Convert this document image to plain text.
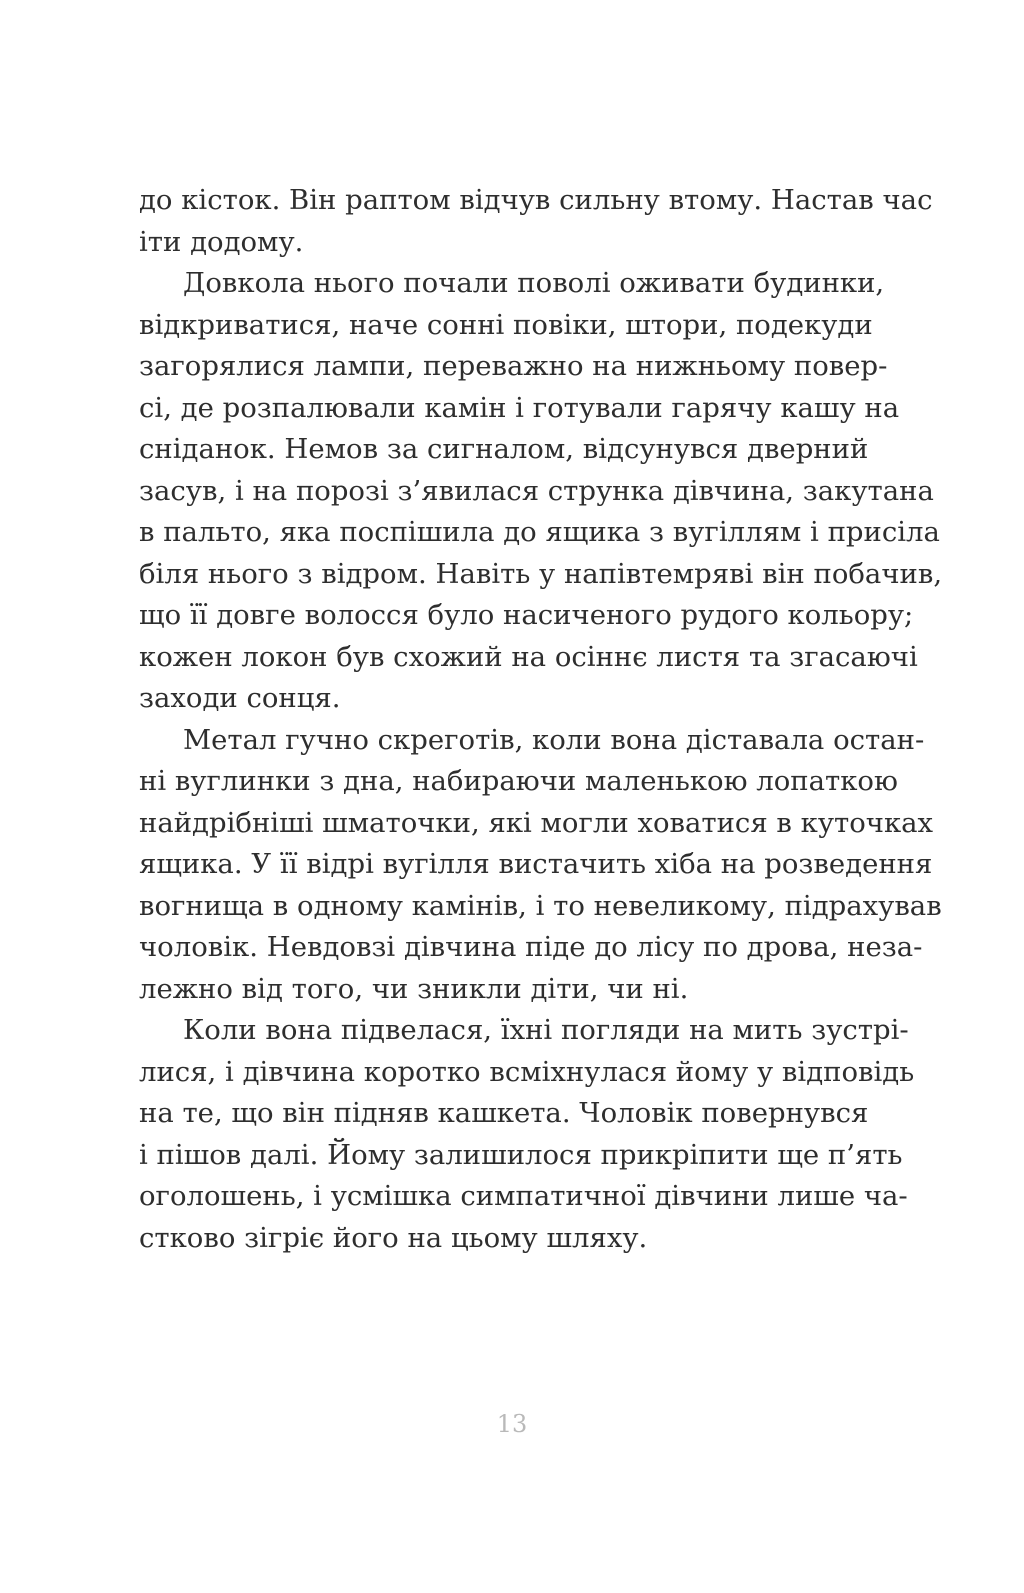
до кісток. Він раптом відчув сильну втому. Настав час
іти додому.
Довкола нього почали поволі оживати будинки,
відкриватися, наче сонні повіки, штори, подекуди
загорялися лампи, переважно на нижньому повер-
сі, де розпалювали камін і готували гарячу кашу на
сніданок. Немов за сигналом, відсунувся дверний
засув, і на порозі з’явилася струнка дівчина, закутана
в пальто, яка поспішила до ящика з вугіллям і присіла
біля нього з відром. Навіть у напівтемряві він побачив,
що її довге волосся було насиченого рудого кольору;
кожен локон був схожий на осіннє листя та згасаючі
заходи сонця.
Метал гучно скреготів, коли вона діставала остан-
ні вуглинки з дна, набираючи маленькою лопаткою
найдрібніші шматочки, які могли ховатися в куточках
ящика. У її відрі вугілля вистачить хіба на розведення
вогнища в одному камінів, і то невеликому, підрахував
чоловік. Невдовзі дівчина піде до лісу по дрова, неза-
лежно від того, чи зникли діти, чи ні.
Коли вона підвелася, їхні погляди на мить зустрі-
лися, і дівчина коротко всміхнулася йому у відповідь
на те, що він підняв кашкета. Чоловік повернувся
і пішов далі. Йому залишилося прикріпити ще п’ять
оголошень, і усмішка симпатичної дівчини лише ча-
стково зігріє його на цьому шляху.
13
